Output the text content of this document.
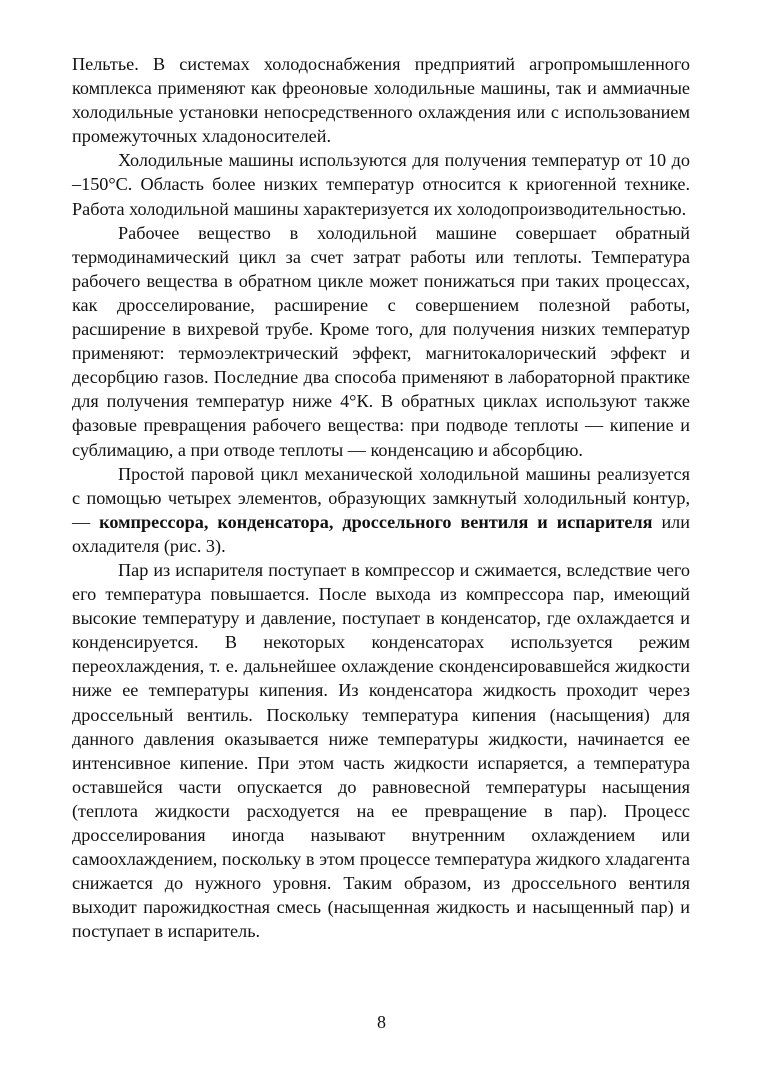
Пельтье. В системах холодоснабжения предприятий агропромышленного комплекса применяют как фреоновые холодильные машины, так и аммиачные холодильные установки непосредственного охлаждения или с использованием промежуточных хладоносителей.

Холодильные машины используются для получения температур от 10 до –150°С. Область более низких температур относится к криогенной технике. Работа холодильной машины характеризуется их холодопроизводительностью.

Рабочее вещество в холодильной машине совершает обратный термодинамический цикл за счет затрат работы или теплоты. Температура рабочего вещества в обратном цикле может понижаться при таких процессах, как дросселирование, расширение с совершением полезной работы, расширение в вихревой трубе. Кроме того, для получения низких температур применяют: термоэлектрический эффект, магнитокалорический эффект и десорбцию газов. Последние два способа применяют в лабораторной практике для получения температур ниже 4°К. В обратных циклах используют также фазовые превращения рабочего вещества: при подводе теплоты — кипение и сублимацию, а при отводе теплоты — конденсацию и абсорбцию.

Простой паровой цикл механической холодильной машины реализуется с помощью четырех элементов, образующих замкнутый холодильный контур, — компрессора, конденсатора, дроссельного вентиля и испарителя или охладителя (рис. 3).

Пар из испарителя поступает в компрессор и сжимается, вследствие чего его температура повышается. После выхода из компрессора пар, имеющий высокие температуру и давление, поступает в конденсатор, где охлаждается и конденсируется. В некоторых конденсаторах используется режим переохлаждения, т. е. дальнейшее охлаждение сконденсировавшейся жидкости ниже ее температуры кипения. Из конденсатора жидкость проходит через дроссельный вентиль. Поскольку температура кипения (насыщения) для данного давления оказывается ниже температуры жидкости, начинается ее интенсивное кипение. При этом часть жидкости испаряется, а температура оставшейся части опускается до равновесной температуры насыщения (теплота жидкости расходуется на ее превращение в пар). Процесс дросселирования иногда называют внутренним охлаждением или самоохлаждением, поскольку в этом процессе температура жидкого хладагента снижается до нужного уровня. Таким образом, из дроссельного вентиля выходит парожидкостная смесь (насыщенная жидкость и насыщенный пар) и поступает в испаритель.

8
